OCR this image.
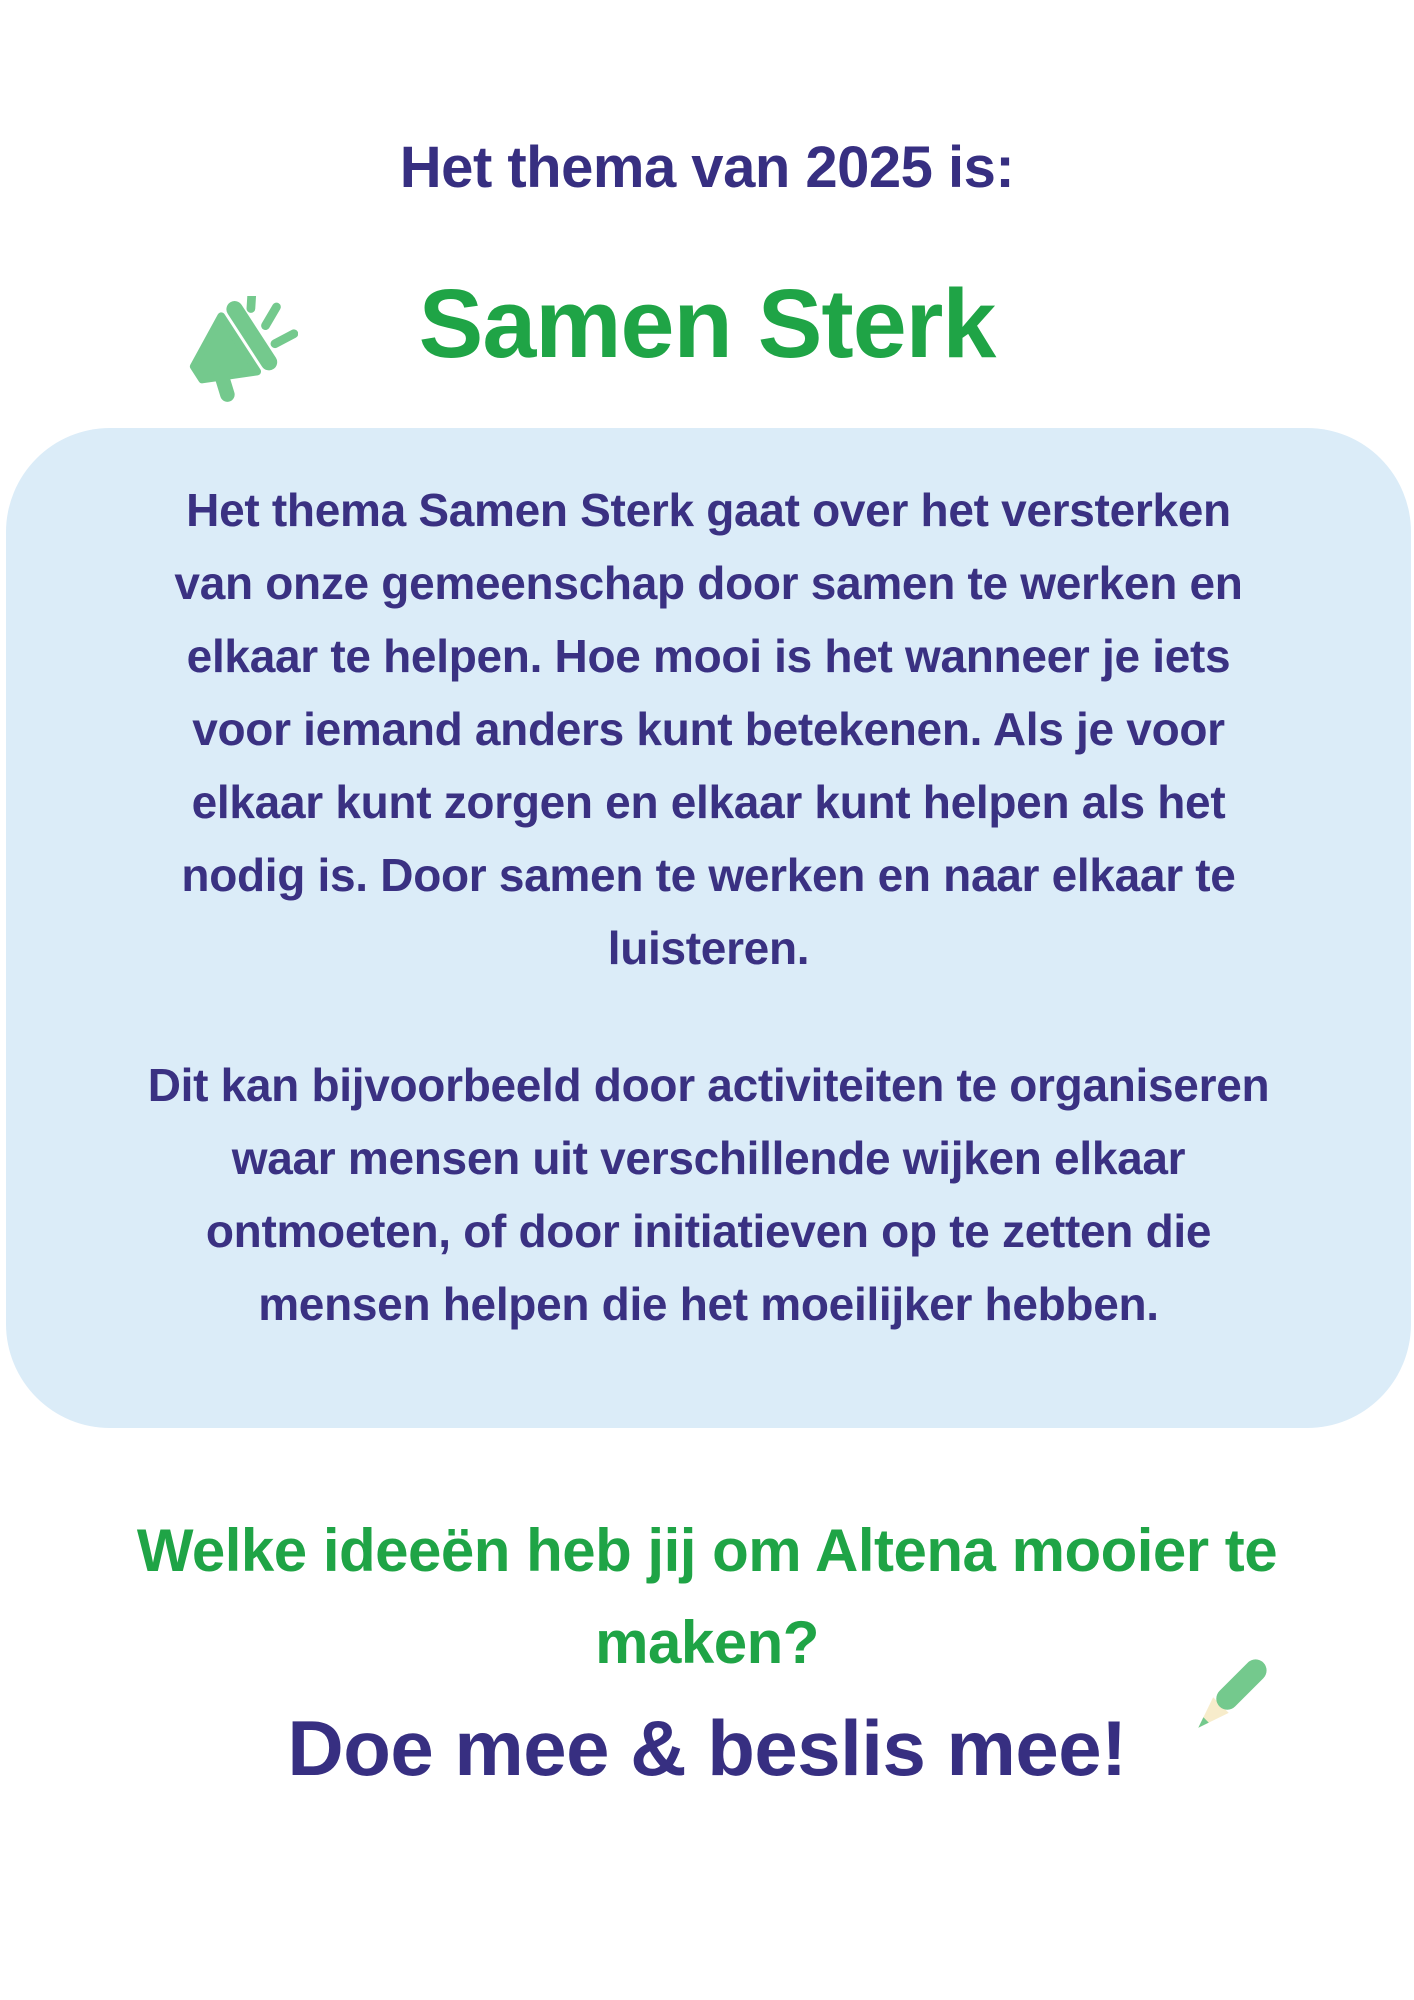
Het thema van 2025 is:
Samen Sterk

Het thema Samen Sterk gaat over het versterken van onze gemeenschap door samen te werken en elkaar te helpen. Hoe mooi is het wanneer je iets voor iemand anders kunt betekenen. Als je voor elkaar kunt zorgen en elkaar kunt helpen als het nodig is. Door samen te werken en naar elkaar te luisteren.

Dit kan bijvoorbeeld door activiteiten te organiseren waar mensen uit verschillende wijken elkaar ontmoeten, of door initiatieven op te zetten die mensen helpen die het moeilijker hebben.

Welke ideeën heb jij om Altena mooier te maken?
Doe mee & beslis mee!
